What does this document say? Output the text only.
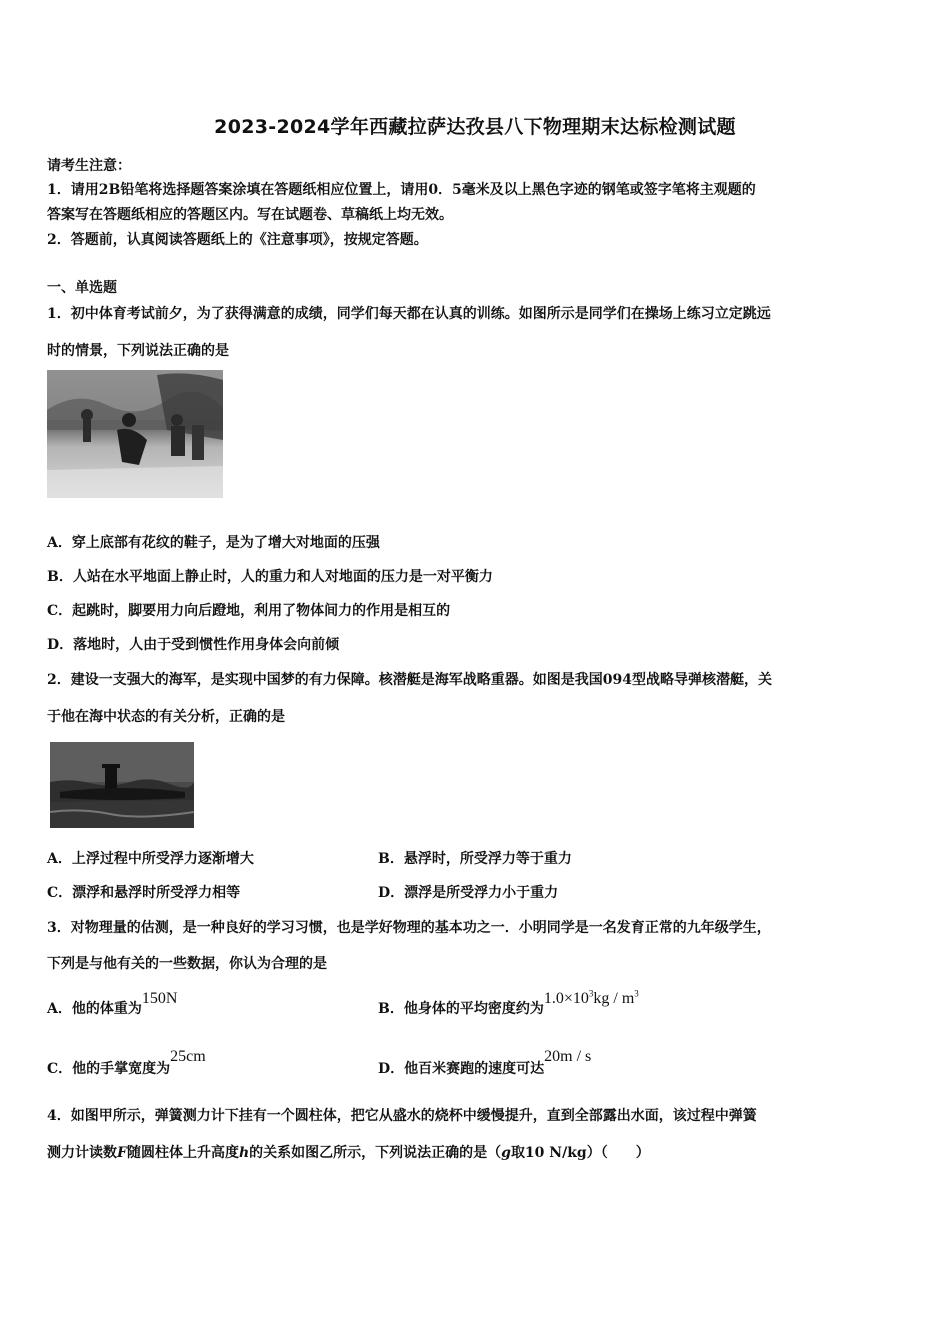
2023-2024学年西藏拉萨达孜县八下物理期末达标检测试题
请考生注意：
1．请用2B铅笔将选择题答案涂填在答题纸相应位置上，请用0．5毫米及以上黑色字迹的钢笔或签字笔将主观题的
答案写在答题纸相应的答题区内。写在试题卷、草稿纸上均无效。
2．答题前，认真阅读答题纸上的《注意事项》，按规定答题。
一、单选题
1．初中体育考试前夕，为了获得满意的成绩，同学们每天都在认真的训练。如图所示是同学们在操场上练习立定跳远
时的情景，下列说法正确的是
A．穿上底部有花纹的鞋子，是为了增大对地面的压强
B．人站在水平地面上静止时，人的重力和人对地面的压力是一对平衡力
C．起跳时，脚要用力向后蹬地，利用了物体间力的作用是相互的
D．落地时，人由于受到惯性作用身体会向前倾
2．建设一支强大的海军，是实现中国梦的有力保障。核潜艇是海军战略重器。如图是我国094型战略导弹核潜艇，关
于他在海中状态的有关分析，正确的是
A．上浮过程中所受浮力逐渐增大	B．悬浮时，所受浮力等于重力
C．漂浮和悬浮时所受浮力相等	D．漂浮是所受浮力小于重力
3．对物理量的估测，是一种良好的学习习惯，也是学好物理的基本功之一．小明同学是一名发育正常的九年级学生，
下列是与他有关的一些数据，你认为合理的是
A．他的体重为150N
B．他身体的平均密度约为$1.0\times 10^3kg / m^3$
C．他的手掌宽度为25cm
D．他百米赛跑的速度可达20m / s
4．如图甲所示，弹簧测力计下挂有一个圆柱体，把它从盛水的烧杯中缓慢提升，直到全部露出水面，该过程中弹簧
测力计读数F随圆柱体上升高度h的关系如图乙所示，下列说法正确的是（g取10 N/kg）（　　）
